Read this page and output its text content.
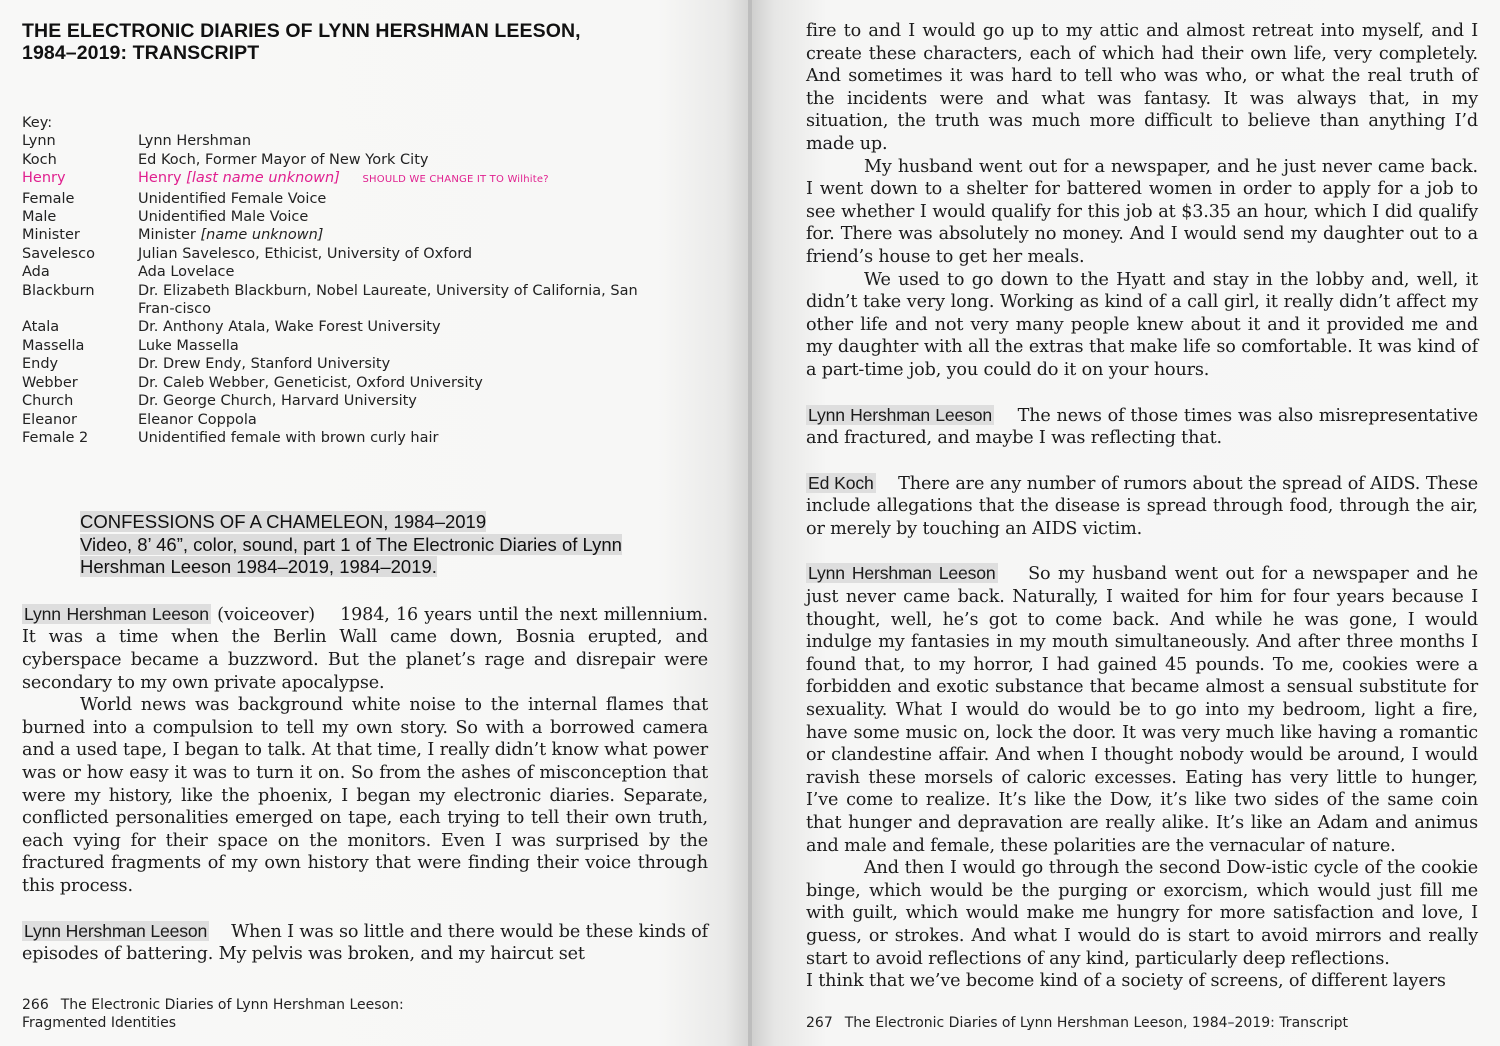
THE ELECTRONIC DIARIES OF LYNN HERSHMAN LEESON,
1984–2019: TRANSCRIPT
Key:
Lynn	Lynn Hershman
Koch	Ed Koch, Former Mayor of New York City
Henry	Henry [last name unknown] SHOULD WE CHANGE IT TO Wilhite?
Female	Unidentified Female Voice
Male	Unidentified Male Voice
Minister	Minister [name unknown]
Savelesco	Julian Savelesco, Ethicist, University of Oxford
Ada	Ada Lovelace
Blackburn	Dr. Elizabeth Blackburn, Nobel Laureate, University of California, San Fran-cisco
Atala	Dr. Anthony Atala, Wake Forest University
Massella	Luke Massella
Endy	Dr. Drew Endy, Stanford University
Webber	Dr. Caleb Webber, Geneticist, Oxford University
Church	Dr. George Church, Harvard University
Eleanor	Eleanor Coppola
Female 2	Unidentified female with brown curly hair
CONFESSIONS OF A CHAMELEON, 1984–2019
Video, 8’ 46”, color, sound, part 1 of The Electronic Diaries of Lynn Hershman Leeson 1984–2019, 1984–2019.

Lynn Hershman Leeson (voiceover) 1984, 16 years until the next millennium. It was a time when the Berlin Wall came down, Bosnia erupted, and cyberspace became a buzzword. But the planet’s rage and disrepair were secondary to my own private apocalypse.

World news was background white noise to the internal flames that burned into a compulsion to tell my own story. So with a borrowed camera and a used tape, I began to talk. At that time, I really didn’t know what power was or how easy it was to turn it on. So from the ashes of misconception that were my history, like the phoenix, I began my electronic diaries. Separate, conflicted personalities emerged on tape, each trying to tell their own truth, each vying for their space on the monitors. Even I was surprised by the fractured fragments of my own history that were finding their voice through this process.

Lynn Hershman Leeson When I was so little and there would be these kinds of episodes of battering. My pelvis was broken, and my haircut set

266 The Electronic Diaries of Lynn Hershman Leeson:
Fragmented Identities

fire to and I would go up to my attic and almost retreat into myself, and I create these characters, each of which had their own life, very completely. And sometimes it was hard to tell who was who, or what the real truth of the incidents were and what was fantasy. It was always that, in my situation, the truth was much more difficult to believe than anything I’d made up.

My husband went out for a newspaper, and he just never came back. I went down to a shelter for battered women in order to apply for a job to see whether I would qualify for this job at $3.35 an hour, which I did qualify for. There was absolutely no money. And I would send my daughter out to a friend’s house to get her meals.

We used to go down to the Hyatt and stay in the lobby and, well, it didn’t take very long. Working as kind of a call girl, it really didn’t affect my other life and not very many people knew about it and it provided me and my daughter with all the extras that make life so comfortable. It was kind of a part-time job, you could do it on your hours.

Lynn Hershman Leeson The news of those times was also misrepresentative and fractured, and maybe I was reflecting that.

Ed Koch There are any number of rumors about the spread of AIDS. These include allegations that the disease is spread through food, through the air, or merely by touching an AIDS victim.

Lynn Hershman Leeson So my husband went out for a newspaper and he just never came back. Naturally, I waited for him for four years because I thought, well, he’s got to come back. And while he was gone, I would indulge my fantasies in my mouth simultaneously. And after three months I found that, to my horror, I had gained 45 pounds. To me, cookies were a forbidden and exotic substance that became almost a sensual substitute for sexuality. What I would do would be to go into my bedroom, light a fire, have some music on, lock the door. It was very much like having a romantic or clandestine affair. And when I thought nobody would be around, I would ravish these morsels of caloric excesses. Eating has very little to hunger, I’ve come to realize. It’s like the Dow, it’s like two sides of the same coin that hunger and depravation are really alike. It’s like an Adam and animus and male and female, these polarities are the vernacular of nature.

And then I would go through the second Dow-istic cycle of the cookie binge, which would be the purging or exorcism, which would just fill me with guilt, which would make me hungry for more satisfaction and love, I guess, or strokes. And what I would do is start to avoid mirrors and really start to avoid reflections of any kind, particularly deep reflections.

I think that we’ve become kind of a society of screens, of different layers

267 The Electronic Diaries of Lynn Hershman Leeson, 1984–2019: Transcript
